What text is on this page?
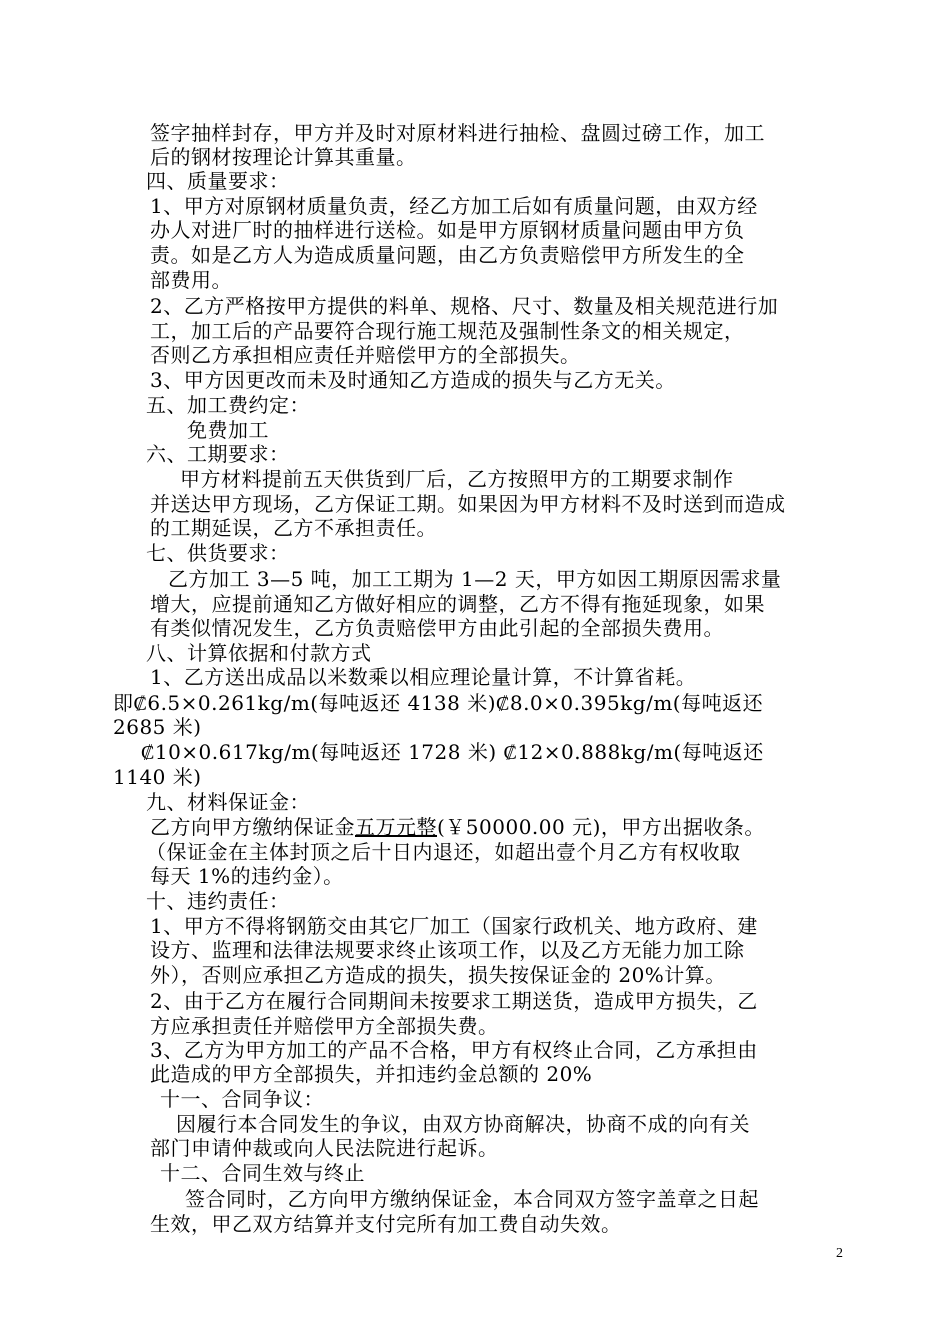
签字抽样封存，甲方并及时对原材料进行抽检、盘圆过磅工作，加工
后的钢材按理论计算其重量。
四、质量要求：
1、甲方对原钢材质量负责，经乙方加工后如有质量问题，由双方经
办人对进厂时的抽样进行送检。如是甲方原钢材质量问题由甲方负
责。如是乙方人为造成质量问题，由乙方负责赔偿甲方所发生的全
部费用。
2、乙方严格按甲方提供的料单、规格、尺寸、数量及相关规范进行加
工，加工后的产品要符合现行施工规范及强制性条文的相关规定，
否则乙方承担相应责任并赔偿甲方的全部损失。
3、甲方因更改而未及时通知乙方造成的损失与乙方无关。
五、加工费约定：
免费加工
六、工期要求：
甲方材料提前五天供货到厂后，乙方按照甲方的工期要求制作
并送达甲方现场，乙方保证工期。如果因为甲方材料不及时送到而造成
的工期延误，乙方不承担责任。
七、供货要求：
乙方加工 3—5 吨，加工工期为 1—2 天，甲方如因工期原因需求量
增大，应提前通知乙方做好相应的调整，乙方不得有拖延现象，如果
有类似情况发生，乙方负责赔偿甲方由此引起的全部损失费用。
八、计算依据和付款方式
1、乙方送出成品以米数乘以相应理论量计算，不计算省耗。
即₡6.5×0.261kg/m(每吨返还 4138 米)₡8.0×0.395kg/m(每吨返还
2685 米)
₡10×0.617kg/m(每吨返还 1728 米) ₡12×0.888kg/m(每吨返还
1140 米)
九、材料保证金：
乙方向甲方缴纳保证金五万元整(￥50000.00 元)，甲方出据收条。
（保证金在主体封顶之后十日内退还，如超出壹个月乙方有权收取
每天 1%的违约金）。
十、违约责任：
1、甲方不得将钢筋交由其它厂加工（国家行政机关、地方政府、建
设方、监理和法律法规要求终止该项工作，以及乙方无能力加工除
外），否则应承担乙方造成的损失，损失按保证金的 20%计算。
2、由于乙方在履行合同期间未按要求工期送货，造成甲方损失，乙
方应承担责任并赔偿甲方全部损失费。
3、乙方为甲方加工的产品不合格，甲方有权终止合同，乙方承担由
此造成的甲方全部损失，并扣违约金总额的 20%
十一、合同争议：
因履行本合同发生的争议，由双方协商解决，协商不成的向有关
部门申请仲裁或向人民法院进行起诉。
十二、合同生效与终止
签合同时，乙方向甲方缴纳保证金，本合同双方签字盖章之日起
生效，甲乙双方结算并支付完所有加工费自动失效。
2
